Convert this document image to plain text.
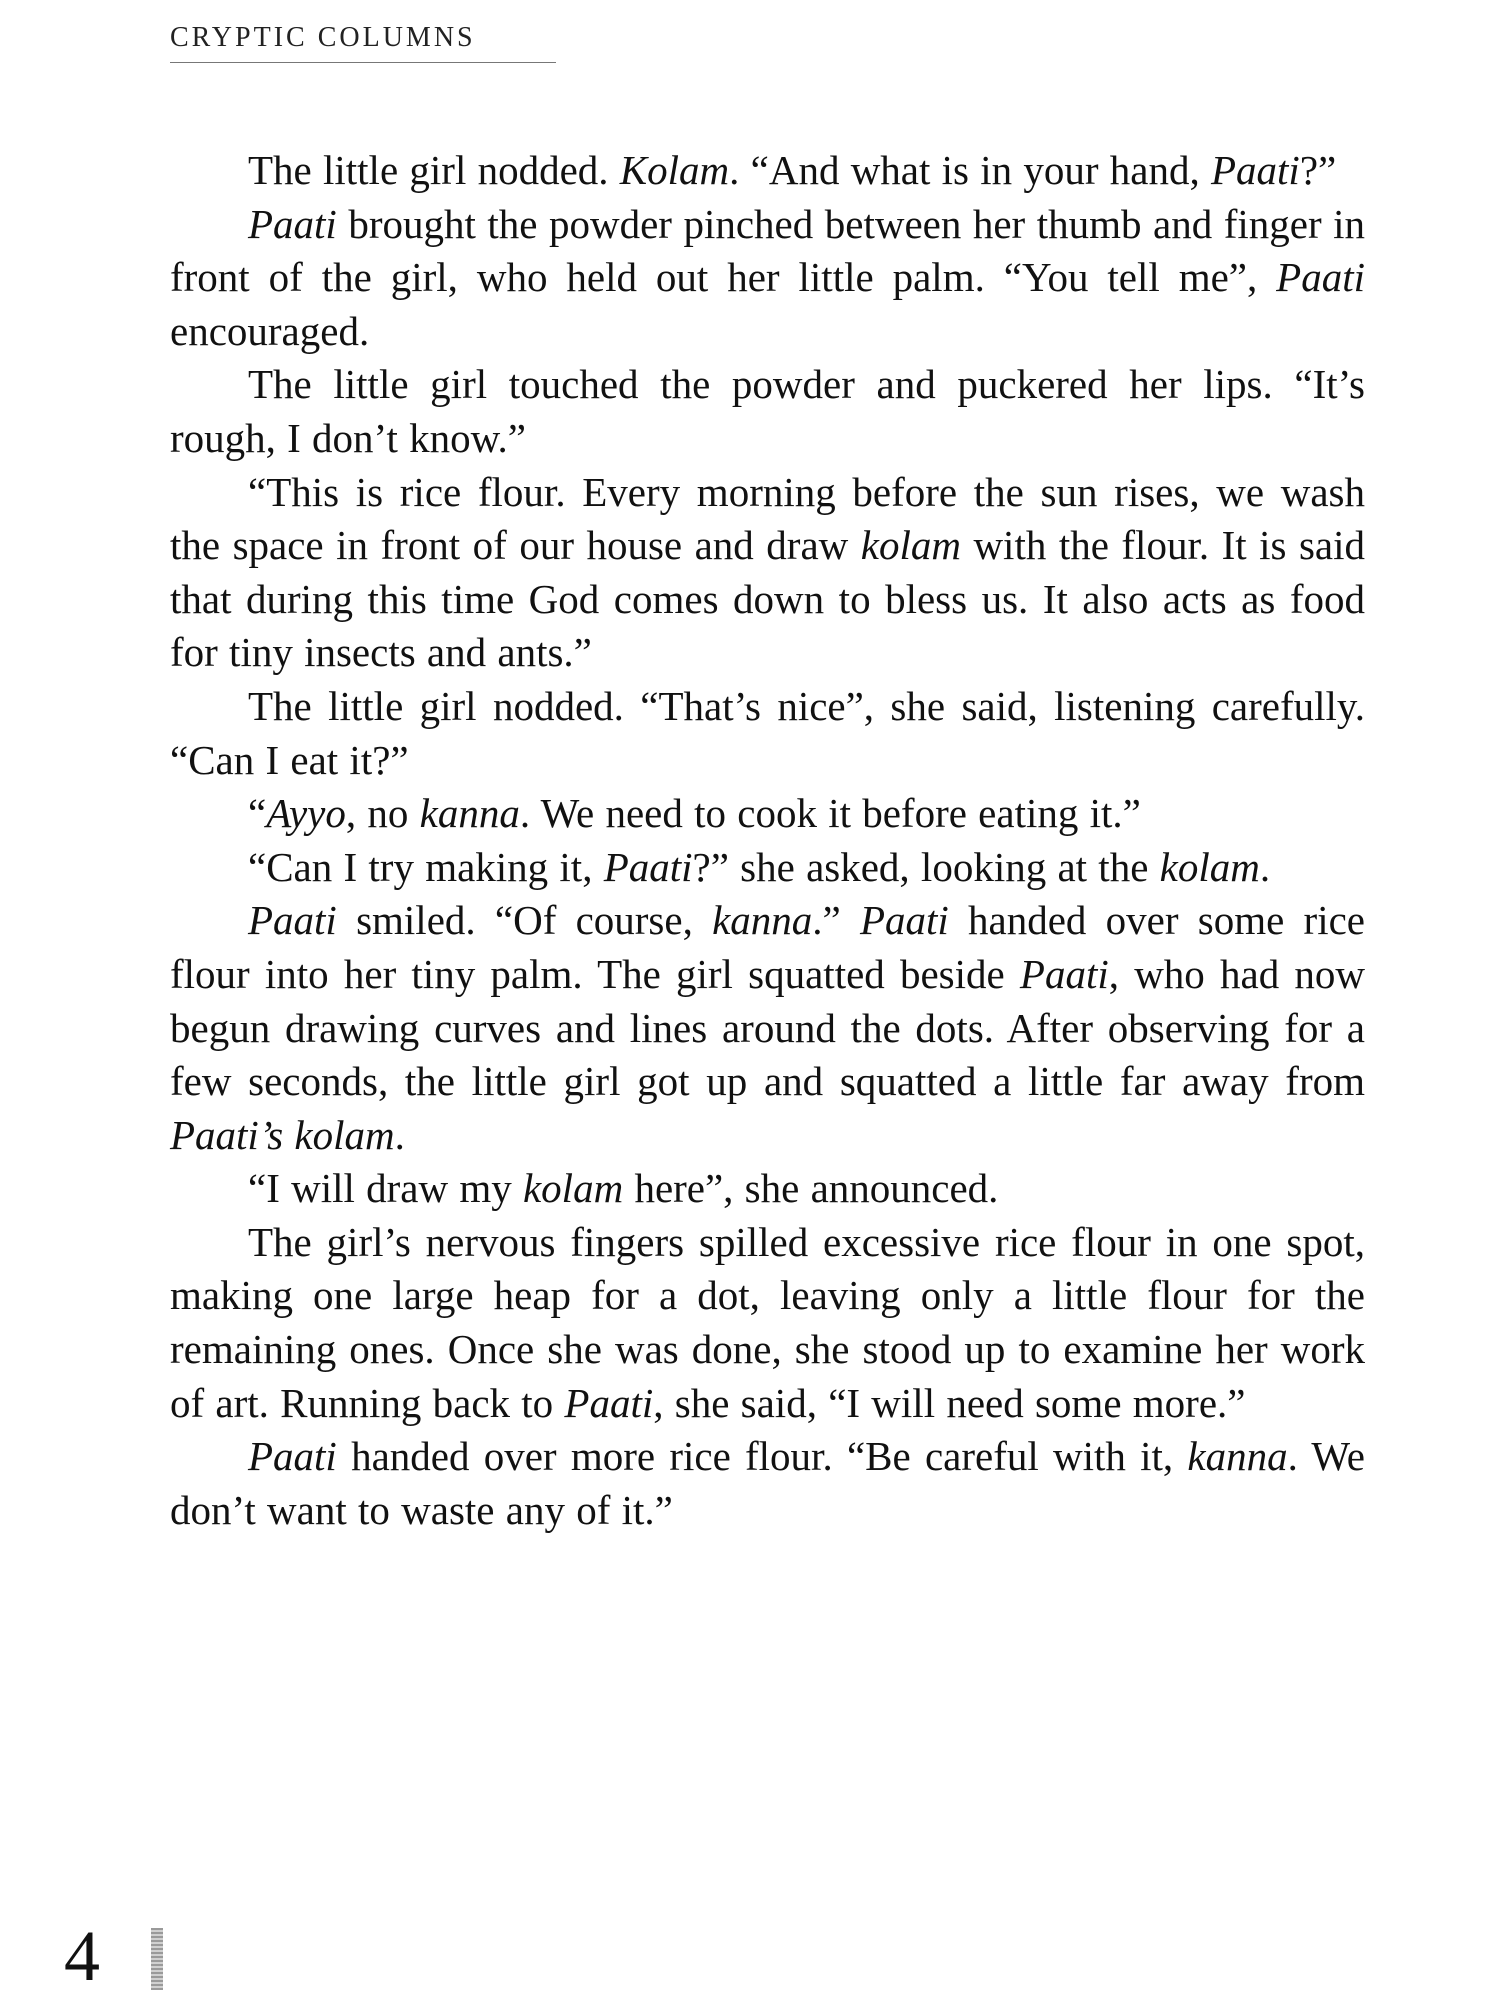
CRYPTIC COLUMNS

The little girl nodded. Kolam. “And what is in your hand, Paati?”

Paati brought the powder pinched between her thumb and finger in front of the girl, who held out her little palm. “You tell me”, Paati encouraged.

The little girl touched the powder and puckered her lips. “It’s rough, I don’t know.”

“This is rice flour. Every morning before the sun rises, we wash the space in front of our house and draw kolam with the flour. It is said that during this time God comes down to bless us. It also acts as food for tiny insects and ants.”

The little girl nodded. “That’s nice”, she said, listening carefully. “Can I eat it?”

“Ayyo, no kanna. We need to cook it before eating it.”

“Can I try making it, Paati?” she asked, looking at the kolam.

Paati smiled. “Of course, kanna.” Paati handed over some rice flour into her tiny palm. The girl squatted beside Paati, who had now begun drawing curves and lines around the dots. After observing for a few seconds, the little girl got up and squatted a little far away from Paati’s kolam.

“I will draw my kolam here”, she announced.

The girl’s nervous fingers spilled excessive rice flour in one spot, making one large heap for a dot, leaving only a little flour for the remaining ones. Once she was done, she stood up to examine her work of art. Running back to Paati, she said, “I will need some more.”

Paati handed over more rice flour. “Be careful with it, kanna. We don’t want to waste any of it.”

4
